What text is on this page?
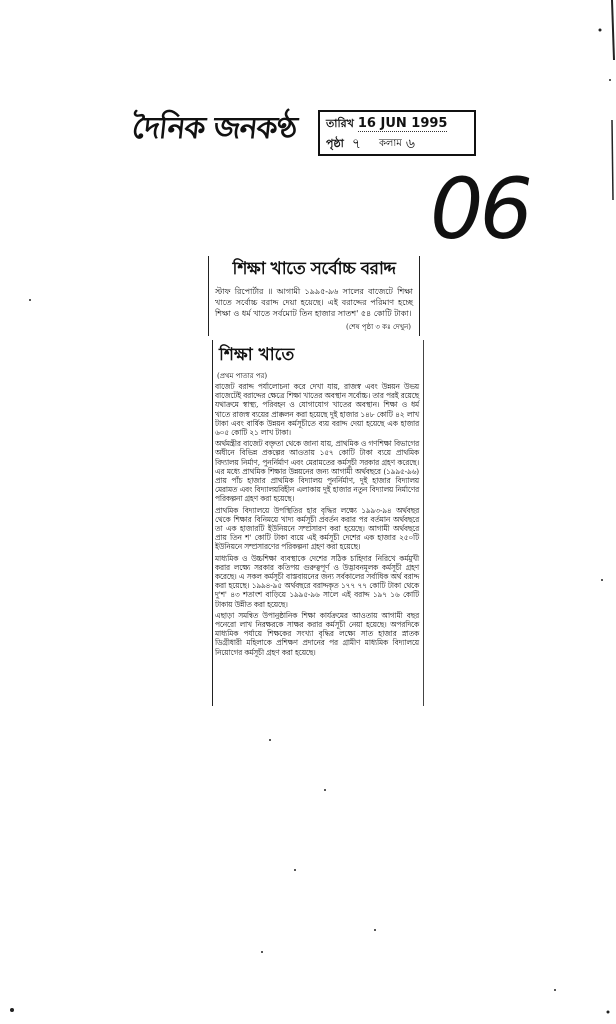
দৈনিক জনকণ্ঠ	তারিখ 16 JUN 1995
পৃষ্ঠা ৭ কলাম ৬
06
শিক্ষা খাতে সর্বোচ্চ বরাদ্দ
স্টাফ রিপোর্টার ॥ আগামী ১৯৯৫-৯৬ সালের বাজেটে শিক্ষা খাতে সর্বোচ্চ বরাদ্দ দেয়া হয়েছে। এই বরাদ্দের পরিমাণ হচ্ছে শিক্ষা ও ধর্ম খাতে সর্বমোট তিন হাজার সাতশ' ৫৪ কোটি টাকা।
(শেষ পৃষ্ঠা ৩ কঃ দেখুন)
শিক্ষা খাতে
(প্রথম পাতার পর)

বাজেট বরাদ্দ পর্যালোচনা করে দেখা যায়, রাজস্ব এবং উন্নয়ন উভয় বাজেটেই বরাদ্দের ক্ষেত্রে শিক্ষা খাতের অবস্থান সর্বোচ্চ। তার পরই রয়েছে যথাক্রমে স্বাস্থ্য, পরিবহন ও যোগাযোগ খাতের অবস্থান। শিক্ষা ও ধর্ম খাতে রাজস্ব ব্যয়ের প্রাক্কলন করা হয়েছে দুই হাজার ১৪৮ কোটি ৪২ লাখ টাকা এবং বার্ষিক উন্নয়ন কর্মসূচীতে ব্যয় বরাদ্দ দেয়া হয়েছে এক হাজার ৬০৫ কোটি ২১ লাখ টাকা।

অর্থমন্ত্রীর বাজেট বক্তৃতা থেকে জানা যায়, প্রাথমিক ও গণশিক্ষা বিভাগের অধীনে বিভিন্ন প্রকল্পের আওতায় ১৫৭ কোটি টাকা ব্যয়ে প্রাথমিক বিদ্যালয় নির্মাণ, পুনর্নির্মাণ এবং মেরামতের কর্মসূচী সরকার গ্রহণ করেছে। এর মধ্যে প্রাথমিক শিক্ষার উন্নয়নের জন্য আগামী অর্থবছরে (১৯৯৫-৯৬) প্রায় পাঁচ হাজার প্রাথমিক বিদ্যালয় পুনর্নির্মাণ, দুই হাজার বিদ্যালয় মেরামত এবং বিদ্যালয়বিহীন এলাকায় দুই হাজার নতুন বিদ্যালয় নির্মাণের পরিকল্পনা গ্রহণ করা হয়েছে।

প্রাথমিক বিদ্যালয়ে উপস্থিতির হার বৃদ্ধির লক্ষ্যে ১৯৯৩-৯৪ অর্থবছর থেকে শিক্ষার বিনিময়ে খাদ্য কর্মসূচী প্রবর্তন করার পর বর্তমান অর্থবছরে তা এক হাজারটি ইউনিয়নে সম্প্রসারণ করা হয়েছে। আগামী অর্থবছরে প্রায় তিন শ' কোটি টাকা ব্যয়ে এই কর্মসূচী দেশের এক হাজার ২৫০টি ইউনিয়নে সম্প্রসারণের পরিকল্পনা গ্রহণ করা হয়েছে।

মাধ্যমিক ও উচ্চশিক্ষা ব্যবস্থাকে দেশের সঠিক চাহিদার নিরিখে কর্মমুখী করার লক্ষ্যে সরকার কতিপয় গুরুত্বপূর্ণ ও উদ্ভাবনমূলক কর্মসূচী গ্রহণ করেছে। এ সকল কর্মসূচী বাস্তবায়নের জন্য সর্বকালের সর্বাধিক অর্থ বরাদ্দ করা হয়েছে। ১৯৯৪-৯৫ অর্থবছরে বরাদ্দকৃত ১৭৭ ৭৭ কোটি টাকা থেকে দু'শ' ৪৩ শতাংশ বাড়িয়ে ১৯৯৫-৯৬ সালে এই বরাদ্দ ১৯৭ ১৬ কোটি টাকায় উন্নীত করা হয়েছে।

এছাড়া সমন্বিত উপানুষ্ঠানিক শিক্ষা কার্যক্রমের আওতায় আগামী বছর পনেরো লাখ নিরক্ষরকে সাক্ষর করার কর্মসূচী নেয়া হয়েছে। অপরদিকে মাধ্যমিক পর্যায়ে শিক্ষকের সংখ্যা বৃদ্ধির লক্ষ্যে সাত হাজার স্নাতক ডিগ্রীধারী মহিলাকে প্রশিক্ষণ প্রদানের পর গ্রামীণ মাধ্যমিক বিদ্যালয়ে নিয়োগের কর্মসূচী গ্রহণ করা হয়েছে।
